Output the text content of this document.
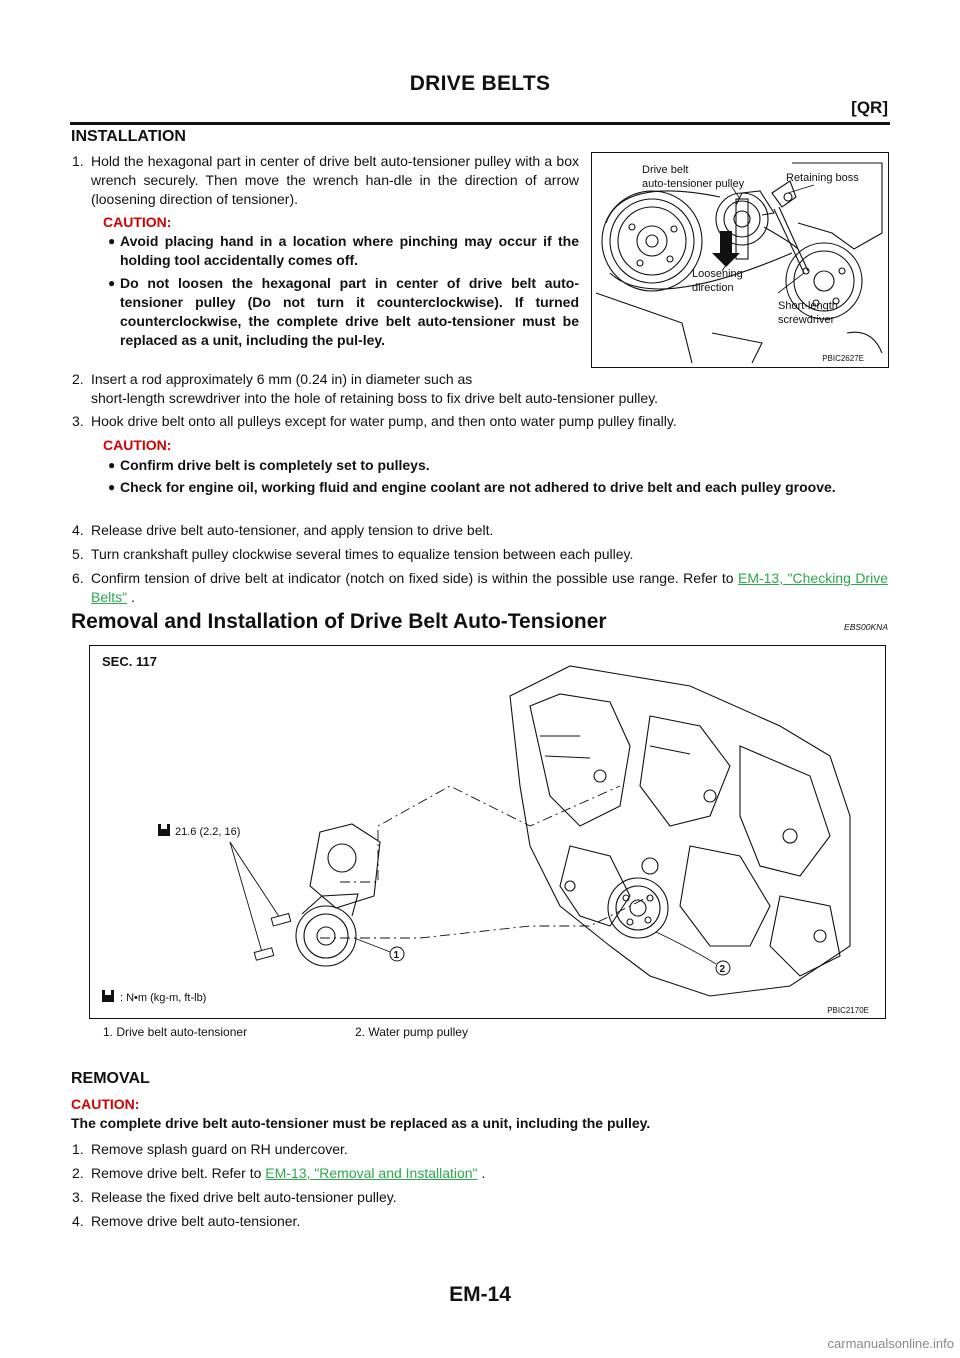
DRIVE BELTS
[QR]
INSTALLATION
1. Hold the hexagonal part in center of drive belt auto-tensioner pulley with a box wrench securely. Then move the wrench han-dle in the direction of arrow (loosening direction of tensioner).
CAUTION:
● Avoid placing hand in a location where pinching may occur if the holding tool accidentally comes off.
● Do not loosen the hexagonal part in center of drive belt auto-tensioner pulley (Do not turn it counterclockwise). If turned counterclockwise, the complete drive belt auto-tensioner must be replaced as a unit, including the pul-ley.
2. Insert a rod approximately 6 mm (0.24 in) in diameter such as
short-length screwdriver into the hole of retaining boss to fix drive belt auto-tensioner pulley.
3. Hook drive belt onto all pulleys except for water pump, and then onto water pump pulley finally.
CAUTION:
● Confirm drive belt is completely set to pulleys.
● Check for engine oil, working fluid and engine coolant are not adhered to drive belt and each pulley groove.
4. Release drive belt auto-tensioner, and apply tension to drive belt.
5. Turn crankshaft pulley clockwise several times to equalize tension between each pulley.
6. Confirm tension of drive belt at indicator (notch on fixed side) is within the possible use range. Refer to EM-13, "Checking Drive Belts" .
Drive belt
auto-tensioner pulley	Retaining boss
Loosening
direction
Short-length
screwdriver
PBIC2627E
Removal and Installation of Drive Belt Auto-Tensioner	EBS00KNA
SEC. 117
21.6 (2.2, 16)
: N•m (kg-m, ft-lb)
1
2
PBIC2170E
1. Drive belt auto-tensioner	2. Water pump pulley
REMOVAL
CAUTION:
The complete drive belt auto-tensioner must be replaced as a unit, including the pulley.
1. Remove splash guard on RH undercover.
2. Remove drive belt. Refer to EM-13, "Removal and Installation" .
3. Release the fixed drive belt auto-tensioner pulley.
4. Remove drive belt auto-tensioner.
EM-14
carmanualsonline.info
